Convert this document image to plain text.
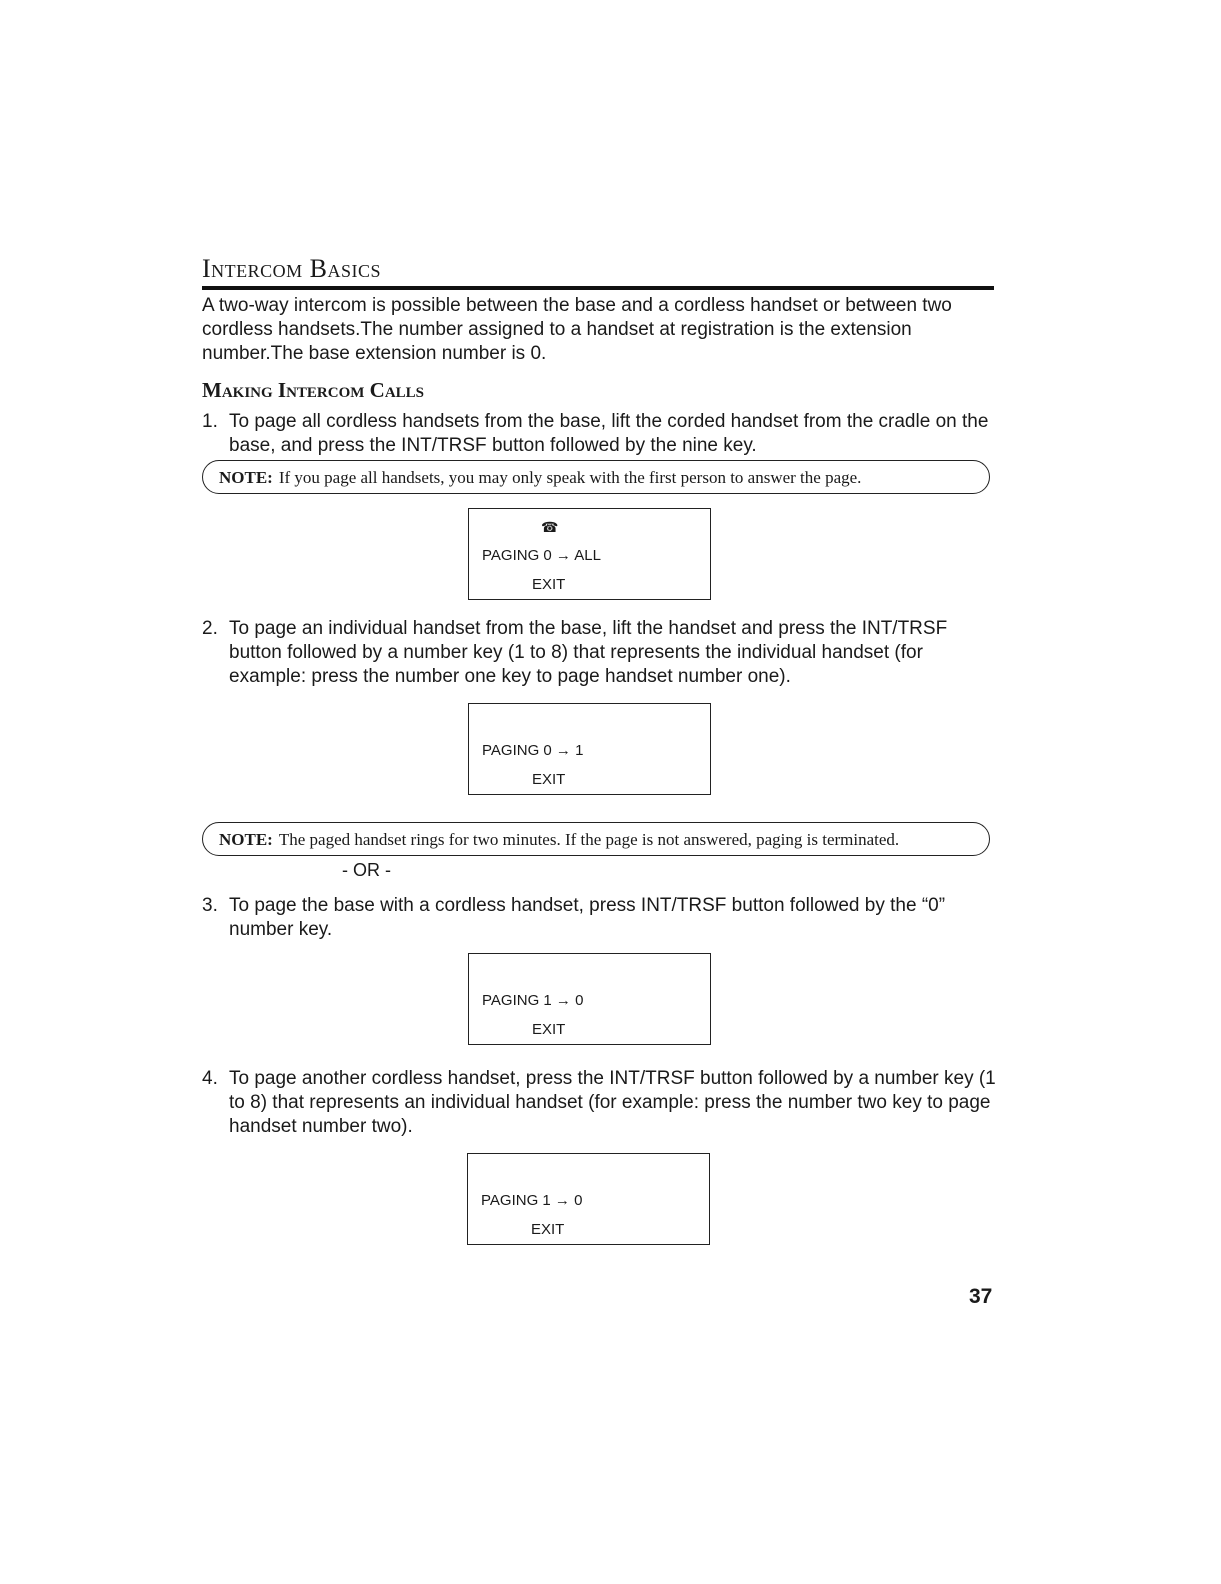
Intercom Basics
A two-way intercom is possible between the base and a cordless handset or between two cordless handsets.The number assigned to a handset at registration is the extension number.The base extension number is 0.
Making Intercom Calls
1. To page all cordless handsets from the base, lift the corded handset from the cradle on the base, and press the INT/TRSF button followed by the nine key.
NOTE: If you page all handsets, you may only speak with the first person to answer the page.
☎
PAGING 0 → ALL
EXIT
2. To page an individual handset from the base, lift the handset and press the INT/TRSF button followed by a number key (1 to 8) that represents the individual handset (for example: press the number one key to page handset number one).
PAGING 0 → 1
EXIT
NOTE: The paged handset rings for two minutes. If the page is not answered, paging is terminated.
- OR -
3. To page the base with a cordless handset, press INT/TRSF button followed by the “0” number key.
PAGING 1 → 0
EXIT
4. To page another cordless handset, press the INT/TRSF button followed by a number key (1 to 8) that represents an individual handset (for example: press the number two key to page handset number two).
PAGING 1 → 0
EXIT
37
